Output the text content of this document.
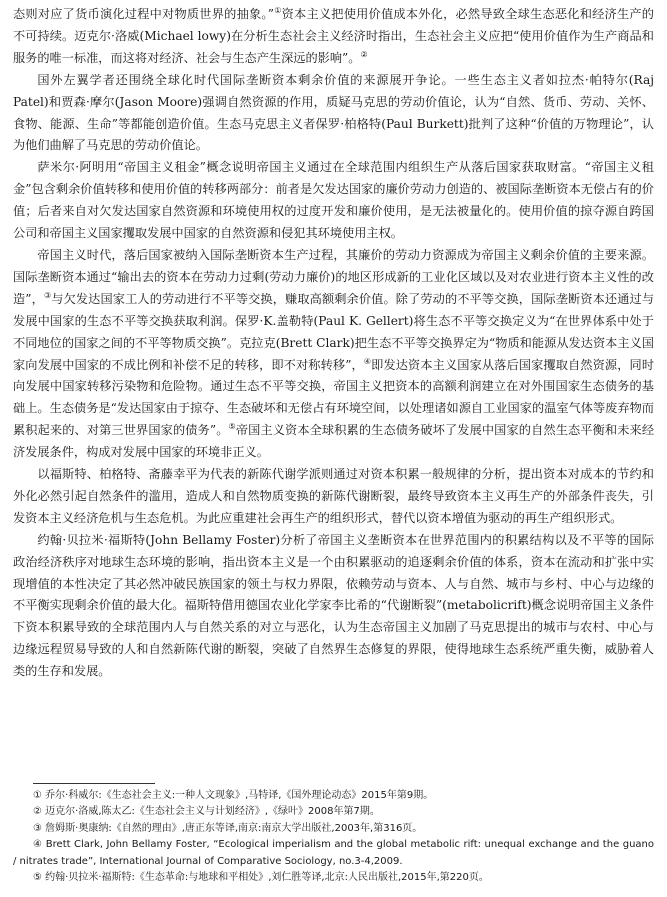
态则对应了货币演化过程中对物质世界的抽象。”①资本主义把使用价值成本外化，必然导致全球生态恶化和经济生产的不可持续。迈克尔·洛威(Michael lowy)在分析生态社会主义经济时指出，生态社会主义应把“使用价值作为生产商品和服务的唯一标准，而这将对经济、社会与生态产生深远的影响”。②

国外左翼学者还围绕全球化时代国际垄断资本剩余价值的来源展开争论。一些生态主义者如拉杰·帕特尔(Raj Patel)和贾森·摩尔(Jason Moore)强调自然资源的作用，质疑马克思的劳动价值论，认为“自然、货币、劳动、关怀、食物、能源、生命”等都能创造价值。生态马克思主义者保罗·柏格特(Paul Burkett)批判了这种“价值的万物理论”，认为他们曲解了马克思的劳动价值论。

萨米尔·阿明用“帝国主义租金”概念说明帝国主义通过在全球范围内组织生产从落后国家获取财富。“帝国主义租金”包含剩余价值转移和使用价值的转移两部分：前者是欠发达国家的廉价劳动力创造的、被国际垄断资本无偿占有的价值；后者来自对欠发达国家自然资源和环境使用权的过度开发和廉价使用，是无法被量化的。使用价值的掠夺源自跨国公司和帝国主义国家攫取发展中国家的自然资源和侵犯其环境使用主权。

帝国主义时代，落后国家被纳入国际垄断资本生产过程，其廉价的劳动力资源成为帝国主义剩余价值的主要来源。国际垄断资本通过“输出去的资本在劳动力过剩(劳动力廉价)的地区形成新的工业化区域以及对农业进行资本主义性的改造”，③与欠发达国家工人的劳动进行不平等交换，赚取高额剩余价值。除了劳动的不平等交换，国际垄断资本还通过与发展中国家的生态不平等交换获取利润。保罗·K.盖勒特(Paul K. Gellert)将生态不平等交换定义为“在世界体系中处于不同地位的国家之间的不平等物质交换”。克拉克(Brett Clark)把生态不平等交换界定为“物质和能源从发达资本主义国家向发展中国家的不成比例和补偿不足的转移，即不对称转移”，④即发达资本主义国家从落后国家攫取自然资源，同时向发展中国家转移污染物和危险物。通过生态不平等交换，帝国主义把资本的高额利润建立在对外围国家生态债务的基础上。生态债务是“发达国家由于掠夺、生态破坏和无偿占有环境空间，以处理诸如源自工业国家的温室气体等废弃物而累积起来的、对第三世界国家的债务”。⑤帝国主义资本全球积累的生态债务破坏了发展中国家的自然生态平衡和未来经济发展条件，构成对发展中国家的环境非正义。

以福斯特、柏格特、斋藤幸平为代表的新陈代谢学派则通过对资本积累一般规律的分析，提出资本对成本的节约和外化必然引起自然条件的滥用，造成人和自然物质变换的新陈代谢断裂，最终导致资本主义再生产的外部条件丧失，引发资本主义经济危机与生态危机。为此应重建社会再生产的组织形式，替代以资本增值为驱动的再生产组织形式。

约翰·贝拉米·福斯特(John Bellamy Foster)分析了帝国主义垄断资本在世界范围内的积累结构以及不平等的国际政治经济秩序对地球生态环境的影响，指出资本主义是一个由积累驱动的追逐剩余价值的体系，资本在流动和扩张中实现增值的本性决定了其必然冲破民族国家的领土与权力界限，依赖劳动与资本、人与自然、城市与乡村、中心与边缘的不平衡实现剩余价值的最大化。福斯特借用德国农业化学家李比希的“代谢断裂”(metabolicrift)概念说明帝国主义条件下资本积累导致的全球范围内人与自然关系的对立与恶化，认为生态帝国主义加剧了马克思提出的城市与农村、中心与边缘远程贸易导致的人和自然新陈代谢的断裂，突破了自然界生态修复的界限，使得地球生态系统严重失衡，威胁着人类的生存和发展。

① 乔尔·科威尔:《生态社会主义:一种人文现象》,马特译,《国外理论动态》2015年第9期。

② 迈克尔·洛威,陈太乙:《生态社会主义与计划经济》,《绿叶》2008年第7期。

③ 詹姆斯·奥康纳:《自然的理由》,唐正东等译,南京:南京大学出版社,2003年,第316页。

④ Brett Clark, John Bellamy Foster, “Ecological imperialism and the global metabolic rift: unequal exchange and the guano / nitrates trade”, International Journal of Comparative Sociology, no.3-4,2009.

⑤ 约翰·贝拉米·福斯特:《生态革命:与地球和平相处》,刘仁胜等译,北京:人民出版社,2015年,第220页。
